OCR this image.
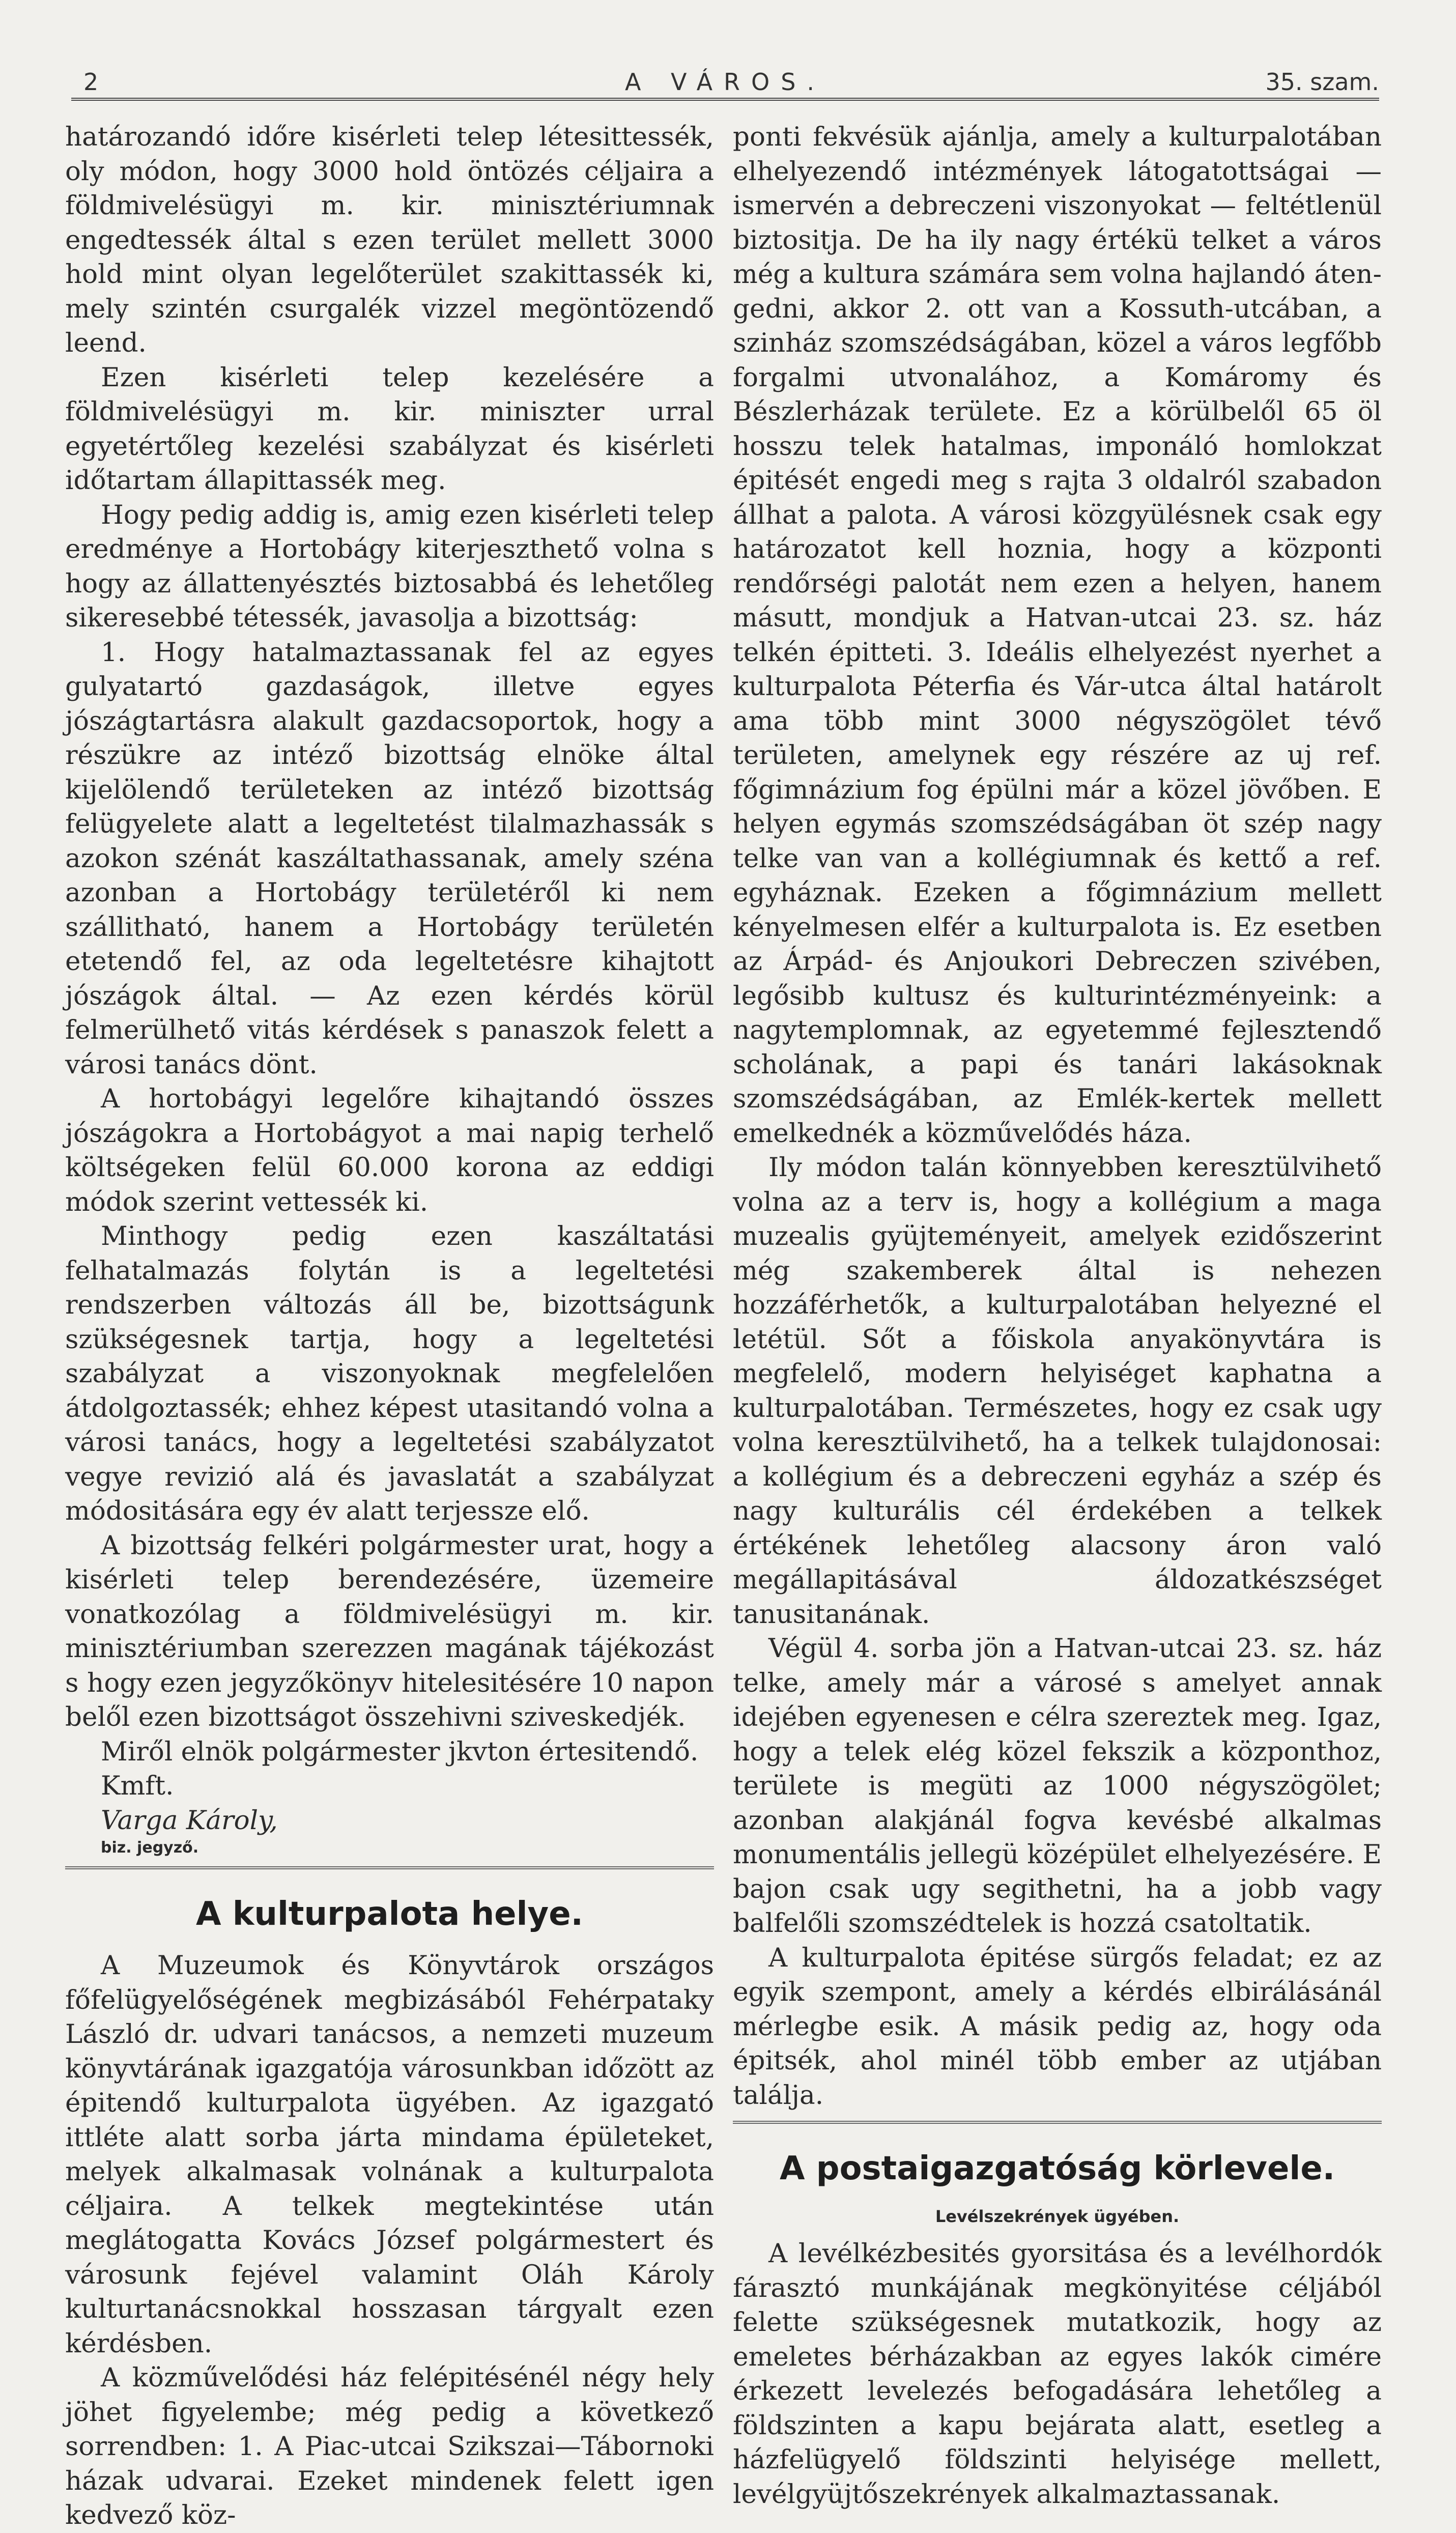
2	A VÁROS.	35. szam.

határozandó időre kisérleti telep létesittessék, oly módon, hogy 3000 hold öntözés céljaira a földmivelésügyi m. kir. minisztériumnak engedtessék által s ezen terület mellett 3000 hold mint olyan legelőterület szakittassék ki, mely szintén csurgalék vizzel megöntözendő leend.

Ezen kisérleti telep kezelésére a földmivelésügyi m. kir. miniszter urral egyetértőleg kezelési szabályzat és kisérleti időtartam állapittassék meg.

Hogy pedig addig is, amig ezen kisérleti telep eredménye a Hortobágy kiterjeszthető volna s hogy az állattenyésztés biztosabbá és lehetőleg sikeresebbé tétessék, javasolja a bizottság:

1. Hogy hatalmaztassanak fel az egyes gulyatartó gazdaságok, illetve egyes jószágtartásra alakult gazdacsoportok, hogy a részükre az intéző bizottság elnöke által kijelölendő területeken az intéző bizottság felügyelete alatt a legeltetést tilalmazhassák s azokon szénát kaszáltathassanak, amely széna azonban a Hortobágy területéről ki nem szállitható, hanem a Hortobágy területén etetendő fel, az oda legeltetésre kihajtott jószágok által. — Az ezen kérdés körül felmerülhető vitás kérdések s panaszok felett a városi tanács dönt.

A hortobágyi legelőre kihajtandó összes jószágokra a Hortobágyot a mai napig terhelő költségeken felül 60.000 korona az eddigi módok szerint vettessék ki.

Minthogy pedig ezen kaszáltatási felhatalmazás folytán is a legeltetési rendszerben változás áll be, bizottságunk szükségesnek tartja, hogy a legeltetési szabályzat a viszonyoknak megfelelően átdolgoztassék; ehhez képest utasitandó volna a városi tanács, hogy a legeltetési szabályzatot vegye revizió alá és javaslatát a szabályzat módositására egy év alatt terjessze elő.

A bizottság felkéri polgármester urat, hogy a kisérleti telep berendezésére, üzemeire vonatkozólag a földmivelésügyi m. kir. minisztériumban szerezzen magának tájékozást s hogy ezen jegyzőkönyv hitelesitésére 10 napon belől ezen bizottságot összehivni sziveskedjék.

Miről elnök polgármester jkvton értesitendő.

Kmft.

Varga Károly,

biz. jegyző.

A kulturpalota helye.

A Muzeumok és Könyvtárok országos főfelügyelőségének megbizásából Fehérpataky László dr. udvari tanácsos, a nemzeti muzeum könyvtárának igazgatója városunkban időzött az épitendő kulturpalota ügyében. Az igazgató ittléte alatt sorba járta mindama épületeket, melyek alkalmasak volnának a kulturpalota céljaira. A telkek megtekintése után meglátogatta Kovács József polgármestert és városunk fejével valamint Oláh Károly kulturtanácsnokkal hosszasan tárgyalt ezen kérdésben.

A közművelődési ház felépitésénél négy hely jöhet figyelembe; még pedig a következő sorrendben: 1. A Piac-utcai Szikszai—Tábornoki házak udvarai. Ezeket mindenek felett igen kedvező köz-

ponti fekvésük ajánlja, amely a kulturpalotában elhelyezendő intézmények látogatottságai — ismervén a debreczeni viszonyokat — feltétlenül biztositja. De ha ily nagy értékü telket a város még a kultura számára sem volna hajlandó átengedni, akkor 2. ott van a Kossuth-utcában, a szinház szomszédságában, közel a város legfőbb forgalmi utvonalához, a Komáromy és Bészlerházak területe. Ez a körülbelől 65 öl hosszu telek hatalmas, imponáló homlokzat épitését engedi meg s rajta 3 oldalról szabadon állhat a palota. A városi közgyülésnek csak egy határozatot kell hoznia, hogy a központi rendőrségi palotát nem ezen a helyen, hanem másutt, mondjuk a Hatvan-utcai 23. sz. ház telkén épitteti. 3. Ideális elhelyezést nyerhet a kulturpalota Péterfia és Vár-utca által határolt ama több mint 3000 négyszögölet tévő területen, amelynek egy részére az uj ref. főgimnázium fog épülni már a közel jövőben. E helyen egymás szomszédságában öt szép nagy telke van van a kollégiumnak és kettő a ref. egyháznak. Ezeken a főgimnázium mellett kényelmesen elfér a kulturpalota is. Ez esetben az Árpád- és Anjoukori Debreczen szivében, legősibb kultusz és kulturintézményeink: a nagytemplomnak, az egyetemmé fejlesztendő scholának, a papi és tanári lakásoknak szomszédságában, az Emlék-kertek mellett emelkednék a közművelődés háza.

Ily módon talán könnyebben keresztülvihető volna az a terv is, hogy a kollégium a maga muzealis gyüjteményeit, amelyek ezidőszerint még szakemberek által is nehezen hozzáférhetők, a kulturpalotában helyezné el letétül. Sőt a főiskola anyakönyvtára is megfelelő, modern helyiséget kaphatna a kulturpalotában. Természetes, hogy ez csak ugy volna keresztülvihető, ha a telkek tulajdonosai: a kollégium és a debreczeni egyház a szép és nagy kulturális cél érdekében a telkek értékének lehetőleg alacsony áron való megállapitásával áldozatkészséget tanusitanának.

Végül 4. sorba jön a Hatvan-utcai 23. sz. ház telke, amely már a városé s amelyet annak idejében egyenesen e célra szereztek meg. Igaz, hogy a telek elég közel fekszik a központhoz, területe is megüti az 1000 négyszögölet; azonban alakjánál fogva kevésbé alkalmas monumentális jellegü középület elhelyezésére. E bajon csak ugy segithetni, ha a jobb vagy balfelőli szomszédtelek is hozzá csatoltatik.

A kulturpalota épitése sürgős feladat; ez az egyik szempont, amely a kérdés elbirálásánál mérlegbe esik. A másik pedig az, hogy oda épitsék, ahol minél több ember az utjában találja.

A postaigazgatóság körlevele.
Levélszekrények ügyében.

A levélkézbesités gyorsitása és a levélhordók fárasztó munkájának megkönyitése céljából felette szükségesnek mutatkozik, hogy az emeletes bérházakban az egyes lakók cimére érkezett levelezés befogadására lehetőleg a földszinten a kapu bejárata alatt, esetleg a házfelügyelő földszinti helyisége mellett, levélgyüjtőszekrények alkalmaztassanak.
